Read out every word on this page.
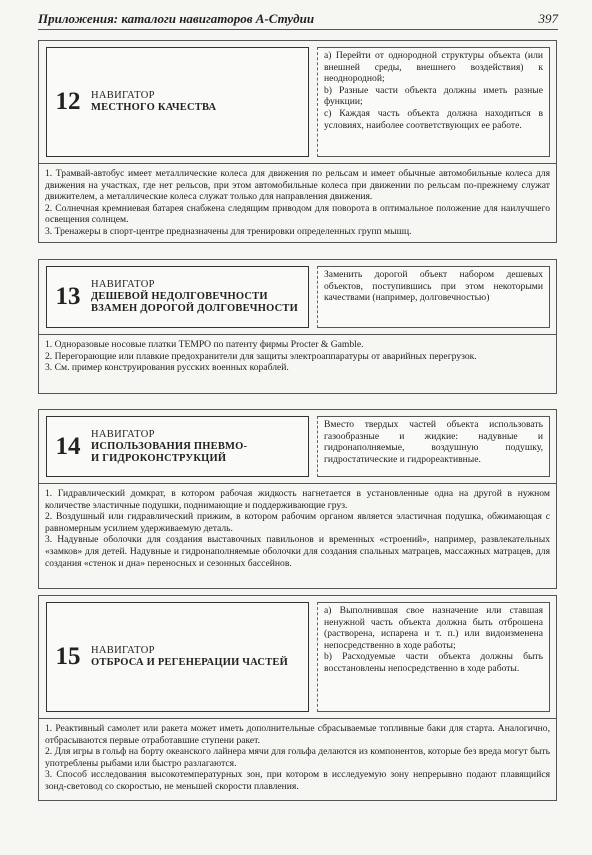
Приложения: каталоги навигаторов А-Студии	397
12	НАВИГАТОР
МЕСТНОГО КАЧЕСТВА
a) Перейти от однородной структуры объекта (или внешней среды, внешнего воздействия) к неоднородной;
b) Разные части объекта должны иметь разные функции;
c) Каждая часть объекта должна находиться в условиях, наиболее соответствующих ее работе.
1. Трамвай-автобус имеет металлические колеса для движения по рельсам и имеет обычные автомобильные колеса для движения на участках, где нет рельсов, при этом автомобильные колеса при движении по рельсам по-прежнему служат движителем, а металлические колеса служат только для направления движения.
2. Солнечная кремниевая батарея снабжена следящим приводом для поворота в оптимальное положение для наилучшего освещения солнцем.
3. Тренажеры в спорт-центре предназначены для тренировки определенных групп мышц.
13	НАВИГАТОР
ДЕШЕВОЙ НЕДОЛГОВЕЧНОСТИ
ВЗАМЕН ДОРОГОЙ ДОЛГОВЕЧНОСТИ
Заменить дорогой объект набором дешевых объектов, поступившись при этом некоторыми качествами (например, долговечностью)
1. Одноразовые носовые платки TEMPO по патенту фирмы Procter & Gamble.
2. Перегорающие или плавкие предохранители для защиты электроаппаратуры от аварийных перегрузок.
3. См. пример конструирования русских военных кораблей.
14	НАВИГАТОР
ИСПОЛЬЗОВАНИЯ ПНЕВМО-
И ГИДРОКОНСТРУКЦИЙ
Вместо твердых частей объекта использовать газообразные и жидкие: надувные и гидронаполняемые, воздушную подушку, гидростатические и гидрореактивные.
1. Гидравлический домкрат, в котором рабочая жидкость нагнетается в установленные одна на другой в нужном количестве эластичные подушки, поднимающие и поддерживающие груз.
2. Воздушный или гидравлический прижим, в котором рабочим органом является эластичная подушка, обжимающая с равномерным усилием удерживаемую деталь.
3. Надувные оболочки для создания выставочных павильонов и временных «строений», например, развлекательных «замков» для детей. Надувные и гидронаполняемые оболочки для создания спальных матрацев, массажных матрацев, для создания «стенок и дна» переносных и сезонных бассейнов.
15	НАВИГАТОР
ОТБРОСА И РЕГЕНЕРАЦИИ ЧАСТЕЙ
a) Выполнившая свое назначение или ставшая ненужной часть объекта должна быть отброшена (растворена, испарена и т. п.) или видоизменена непосредственно в ходе работы;
b) Расходуемые части объекта должны быть восстановлены непосредственно в ходе работы.
1. Реактивный самолет или ракета может иметь дополнительные сбрасываемые топливные баки для старта. Аналогично, отбрасываются первые отработавшие ступени ракет.
2. Для игры в гольф на борту океанского лайнера мячи для гольфа делаются из компонентов, которые без вреда могут быть употреблены рыбами или быстро разлагаются.
3. Способ исследования высокотемпературных зон, при котором в исследуемую зону непрерывно подают плавящийся зонд-световод со скоростью, не меньшей скорости плавления.
